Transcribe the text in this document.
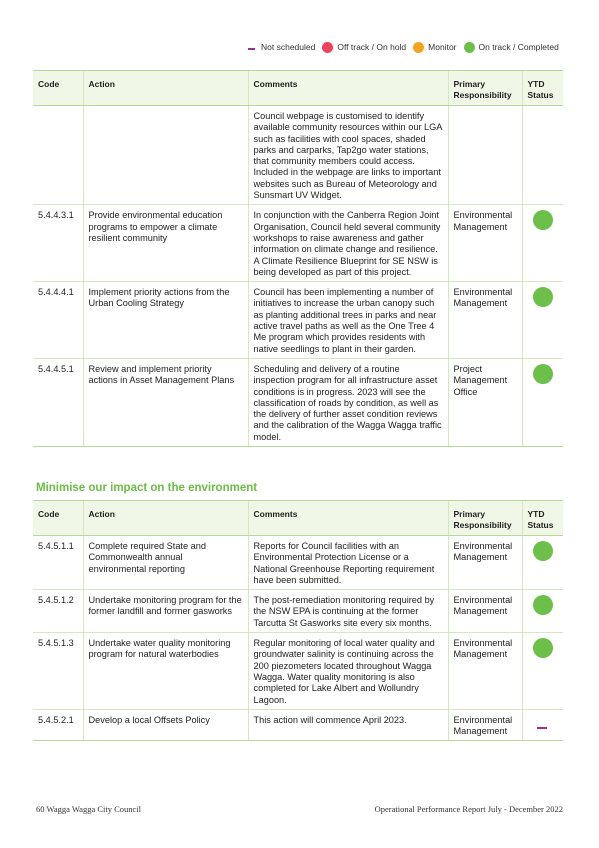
Not scheduled	Off track / On hold	Monitor	On track / Completed
Code	Action	Comments	Primary Responsibility	YTD Status
		Council webpage is customised to identify available community resources within our LGA such as facilities with cool spaces, shaded parks and carparks, Tap2go water stations, that community members could access. Included in the webpage are links to important websites such as Bureau of Meteorology and Sunsmart UV Widget.		
5.4.4.3.1	Provide environmental education programs to empower a climate resilient community	In conjunction with the Canberra Region Joint Organisation, Council held several community workshops to raise awareness and gather information on climate change and resilience. A Climate Resilience Blueprint for SE NSW is being developed as part of this project.	Environmental Management	

5.4.4.4.1	Implement priority actions from the Urban Cooling Strategy	Council has been implementing a number of initiatives to increase the urban canopy such as planting additional trees in parks and near active travel paths as well as the One Tree 4 Me program which provides residents with native seedlings to plant in their garden.	Environmental Management	

5.4.4.5.1	Review and implement priority actions in Asset Management Plans	Scheduling and delivery of a routine inspection program for all infrastructure asset conditions is in progress. 2023 will see the classification of roads by condition, as well as the delivery of further asset condition reviews and the calibration of the Wagga Wagga traffic model.	Project Management Office	
Minimise our impact on the environment
Code	Action	Comments	Primary Responsibility	YTD Status
5.4.5.1.1	Complete required State and Commonwealth annual environmental reporting	Reports for Council facilities with an Environmental Protection License or a National Greenhouse Reporting requirement have been submitted.	Environmental Management	

5.4.5.1.2	Undertake monitoring program for the former landfill and former gasworks	The post-remediation monitoring required by the NSW EPA is continuing at the former Tarcutta St Gasworks site every six months.	Environmental Management	

5.4.5.1.3	Undertake water quality monitoring program for natural waterbodies	Regular monitoring of local water quality and groundwater salinity is continuing across the 200 piezometers located throughout Wagga Wagga. Water quality monitoring is also completed for Lake Albert and Wollundry Lagoon.	Environmental Management	

5.4.5.2.1	Develop a local Offsets Policy	This action will commence April 2023.	Environmental Management	
60 Wagga Wagga City Council	Operational Performance Report July - December 2022
